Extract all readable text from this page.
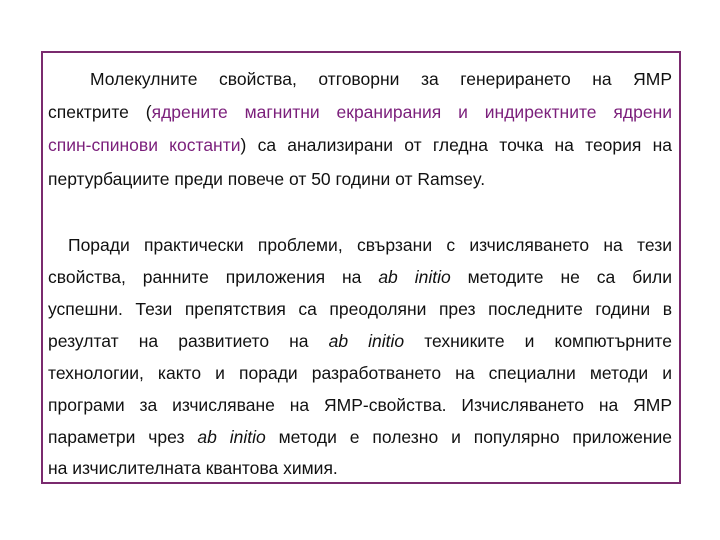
Молекулните свойства, отговорни за генерирането на ЯМР
спектрите (ядрените магнитни екранирания и индиректните ядрени
спин-спинови костанти) са анализирани от гледна точка на теория на
пертурбациите преди повече от 50 години от Ramsey.
Поради практически проблеми, свързани с изчисляването на тези
свойства, ранните приложения на ab initio методите не са били
успешни. Тези препятствия са преодоляни през последните години в
резултат на развитието на ab initio техниките и компютърните
технологии, както и поради разработването на специални методи и
програми за изчисляване на ЯМР-свойства. Изчисляването на ЯМР
параметри чрез ab initio методи е полезно и популярно приложение
на изчислителната квантова химия.
